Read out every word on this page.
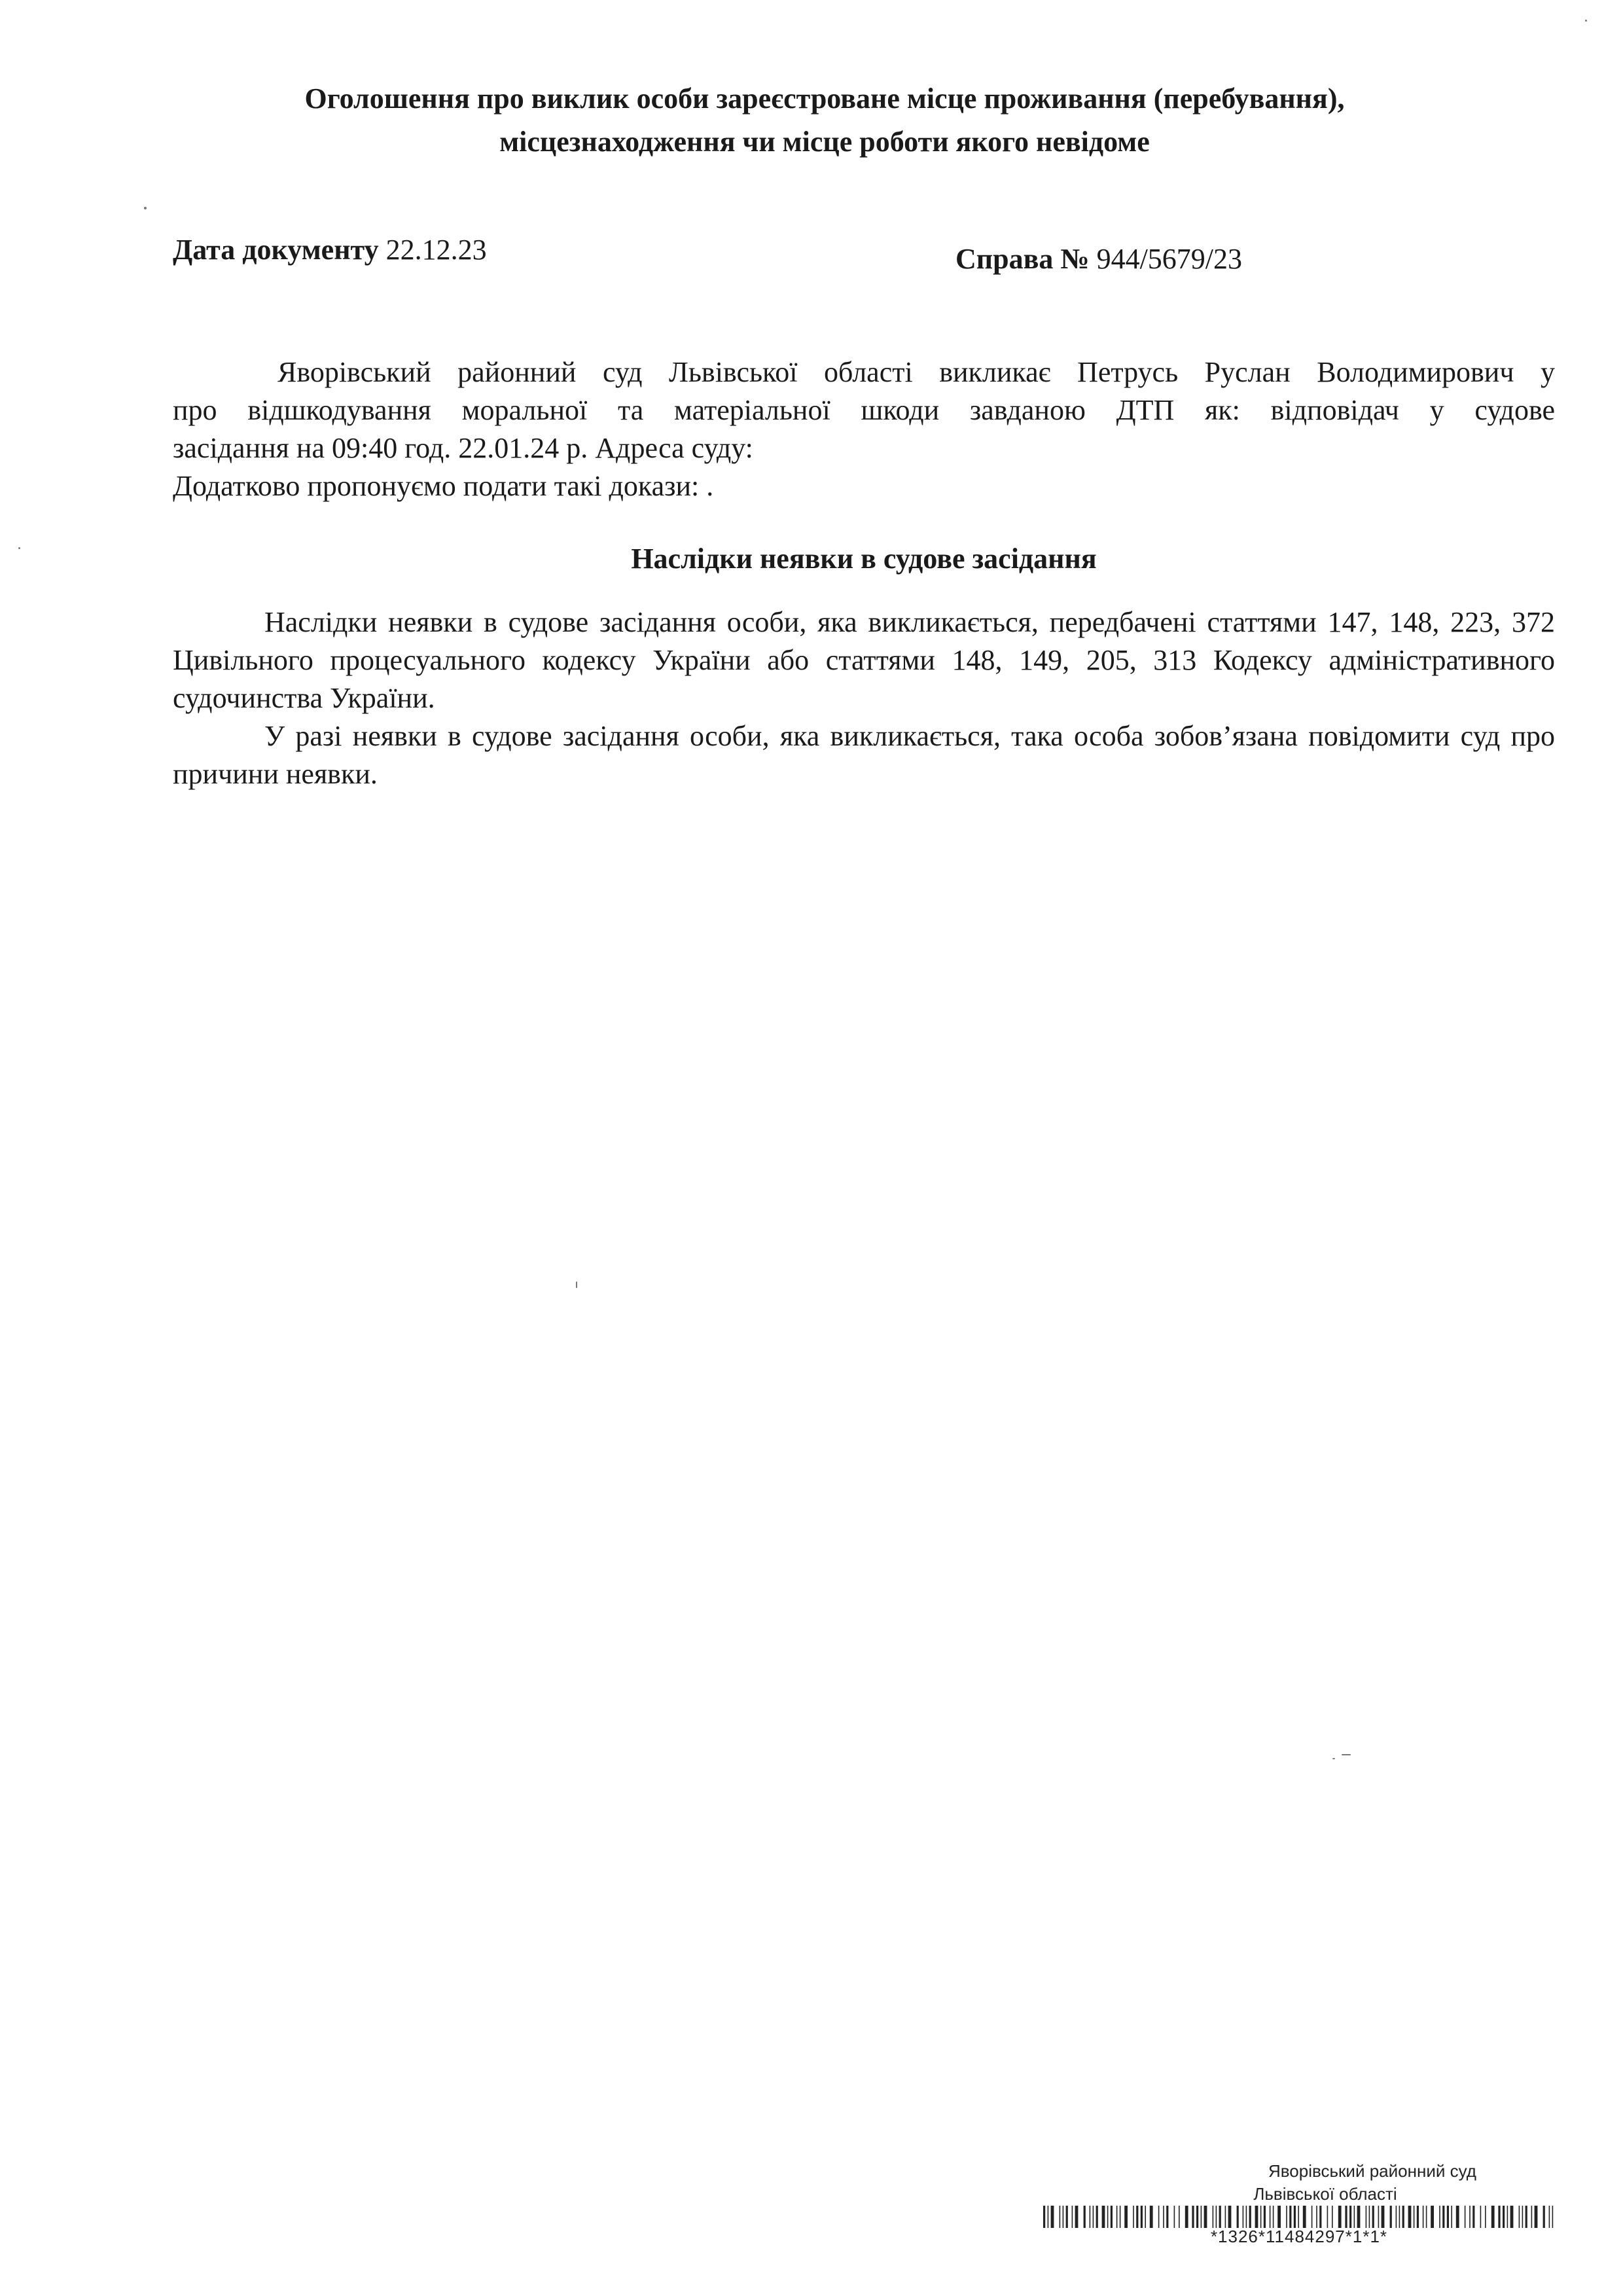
Оголошення про виклик особи зареєстроване місце проживання (перебування),
місцезнаходження чи місце роботи якого невідоме
Дата документу 22.12.23	Справа № 944/5679/23
Яворівський районний суд Львівської області викликає Петрусь Руслан Володимирович у
про відшкодування моральної та матеріальної шкоди завданою ДТП як: відповідач у судове
засідання на 09:40 год. 22.01.24 р. Адреса суду:
Додатково пропонуємо подати такі докази: .
Наслідки неявки в судове засідання

Наслідки неявки в судове засідання особи, яка викликається, передбачені статтями 147, 148, 223, 372 Цивільного процесуального кодексу України або статтями 148, 149, 205, 313 Кодексу адміністративного судочинства України.

У разі неявки в судове засідання особи, яка викликається, така особа зобов’язана повідомити суд про причини неявки.

Яворівський районний суд
Львівської області
*1326*11484297*1*1*
